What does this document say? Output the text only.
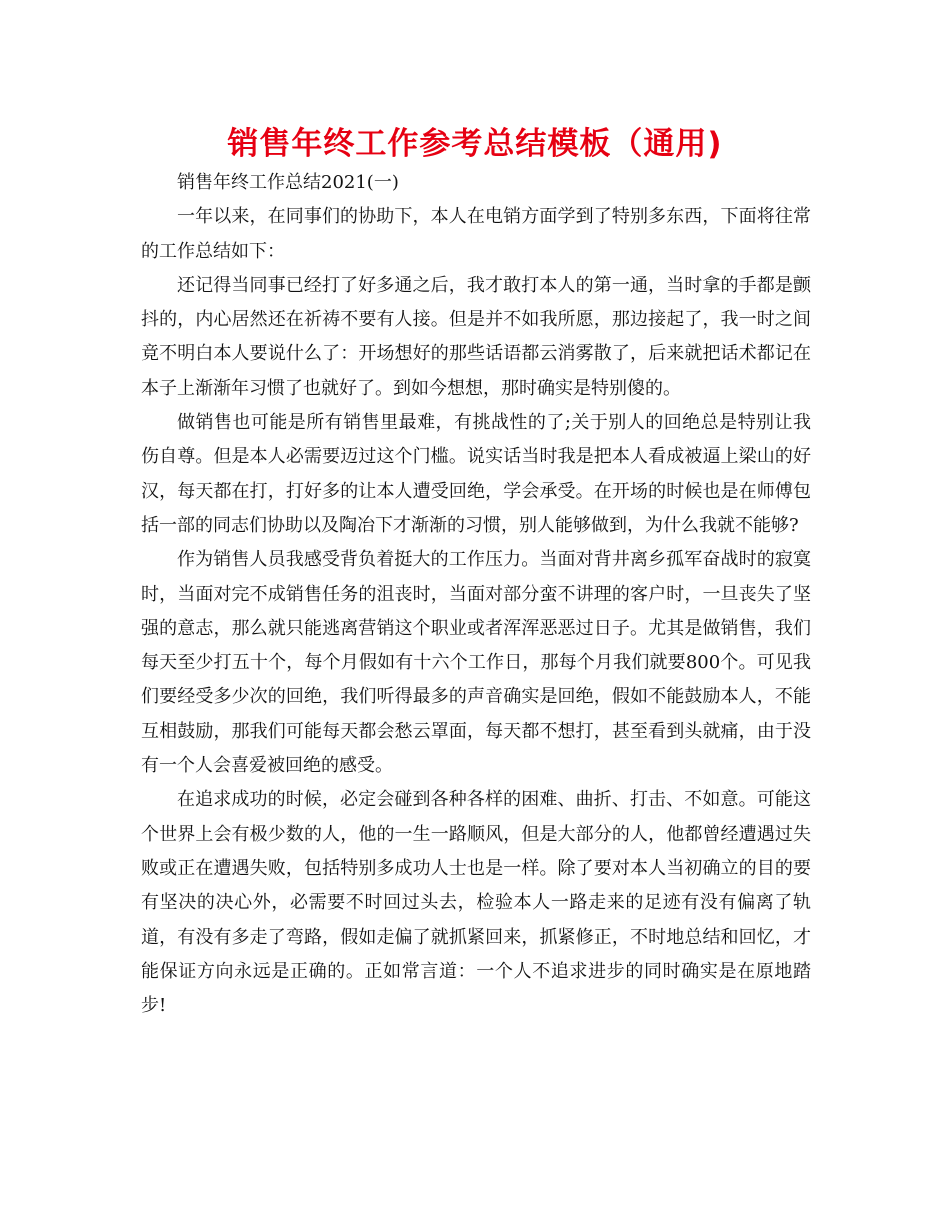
销售年终工作参考总结模板（通用)

销售年终工作总结2021(一)

一年以来，在同事们的协助下，本人在电销方面学到了特别多东西，下面将往常的工作总结如下：

还记得当同事已经打了好多通之后，我才敢打本人的第一通，当时拿的手都是颤抖的，内心居然还在祈祷不要有人接。但是并不如我所愿，那边接起了，我一时之间竟不明白本人要说什么了：开场想好的那些话语都云消雾散了，后来就把话术都记在本子上渐渐年习惯了也就好了。到如今想想，那时确实是特别傻的。

做销售也可能是所有销售里最难，有挑战性的了;关于别人的回绝总是特别让我伤自尊。但是本人必需要迈过这个门槛。说实话当时我是把本人看成被逼上梁山的好汉，每天都在打，打好多的让本人遭受回绝，学会承受。在开场的时候也是在师傅包括一部的同志们协助以及陶冶下才渐渐的习惯，别人能够做到，为什么我就不能够?

作为销售人员我感受背负着挺大的工作压力。当面对背井离乡孤军奋战时的寂寞时，当面对完不成销售任务的沮丧时，当面对部分蛮不讲理的客户时，一旦丧失了坚强的意志，那么就只能逃离营销这个职业或者浑浑恶恶过日子。尤其是做销售，我们每天至少打五十个，每个月假如有十六个工作日，那每个月我们就要800个。可见我们要经受多少次的回绝，我们听得最多的声音确实是回绝，假如不能鼓励本人，不能互相鼓励，那我们可能每天都会愁云罩面，每天都不想打，甚至看到头就痛，由于没有一个人会喜爱被回绝的感受。

在追求成功的时候，必定会碰到各种各样的困难、曲折、打击、不如意。可能这个世界上会有极少数的人，他的一生一路顺风，但是大部分的人，他都曾经遭遇过失败或正在遭遇失败，包括特别多成功人士也是一样。除了要对本人当初确立的目的要有坚决的决心外，必需要不时回过头去，检验本人一路走来的足迹有没有偏离了轨道，有没有多走了弯路，假如走偏了就抓紧回来，抓紧修正，不时地总结和回忆，才能保证方向永远是正确的。正如常言道：一个人不追求进步的同时确实是在原地踏步!
